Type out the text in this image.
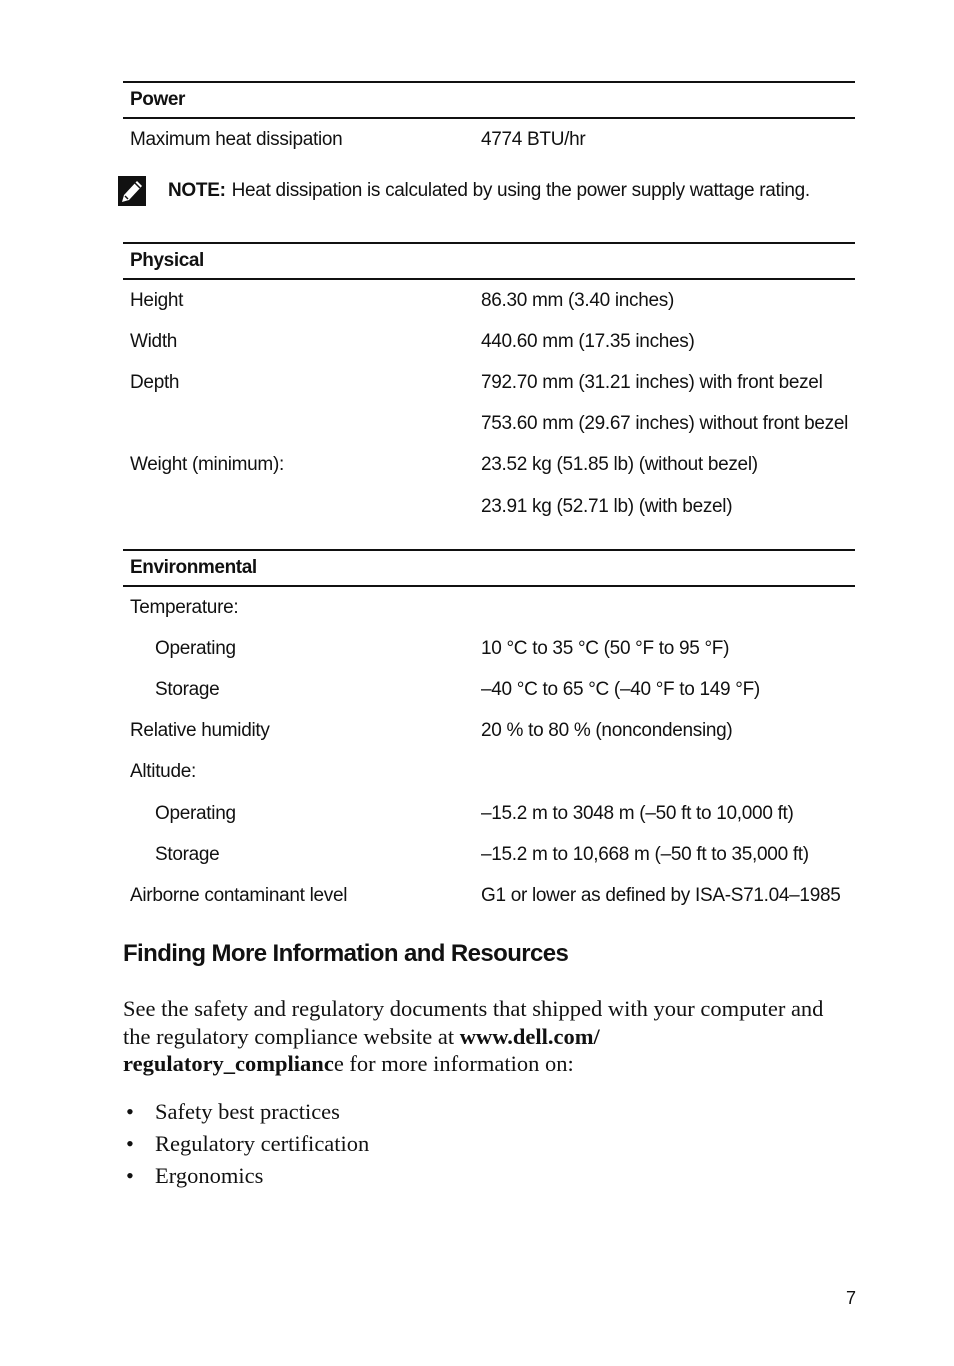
Power
Maximum heat dissipation	4774 BTU/hr
NOTE: Heat dissipation is calculated by using the power supply wattage rating.
Physical
Height	86.30 mm (3.40 inches)
Width	440.60 mm (17.35 inches)
Depth	792.70 mm (31.21 inches) with front bezel
753.60 mm (29.67 inches) without front bezel
Weight (minimum):	23.52 kg (51.85 lb) (without bezel)
23.91 kg (52.71 lb) (with bezel)
Environmental
Temperature:
Operating	10 °C to 35 °C (50 °F to 95 °F)
Storage	–40 °C to 65 °C (–40 °F to 149 °F)
Relative humidity	20 % to 80 % (noncondensing)
Altitude:
Operating	–15.2 m to 3048 m (–50 ft to 10,000 ft)
Storage	–15.2 m to 10,668 m (–50 ft to 35,000 ft)
Airborne contaminant level	G1 or lower as defined by ISA-S71.04–1985
Finding More Information and Resources

See the safety and regulatory documents that shipped with your computer and the regulatory compliance website at www.dell.com/
regulatory_compliance for more information on:

• Safety best practices
• Regulatory certification
• Ergonomics
7
